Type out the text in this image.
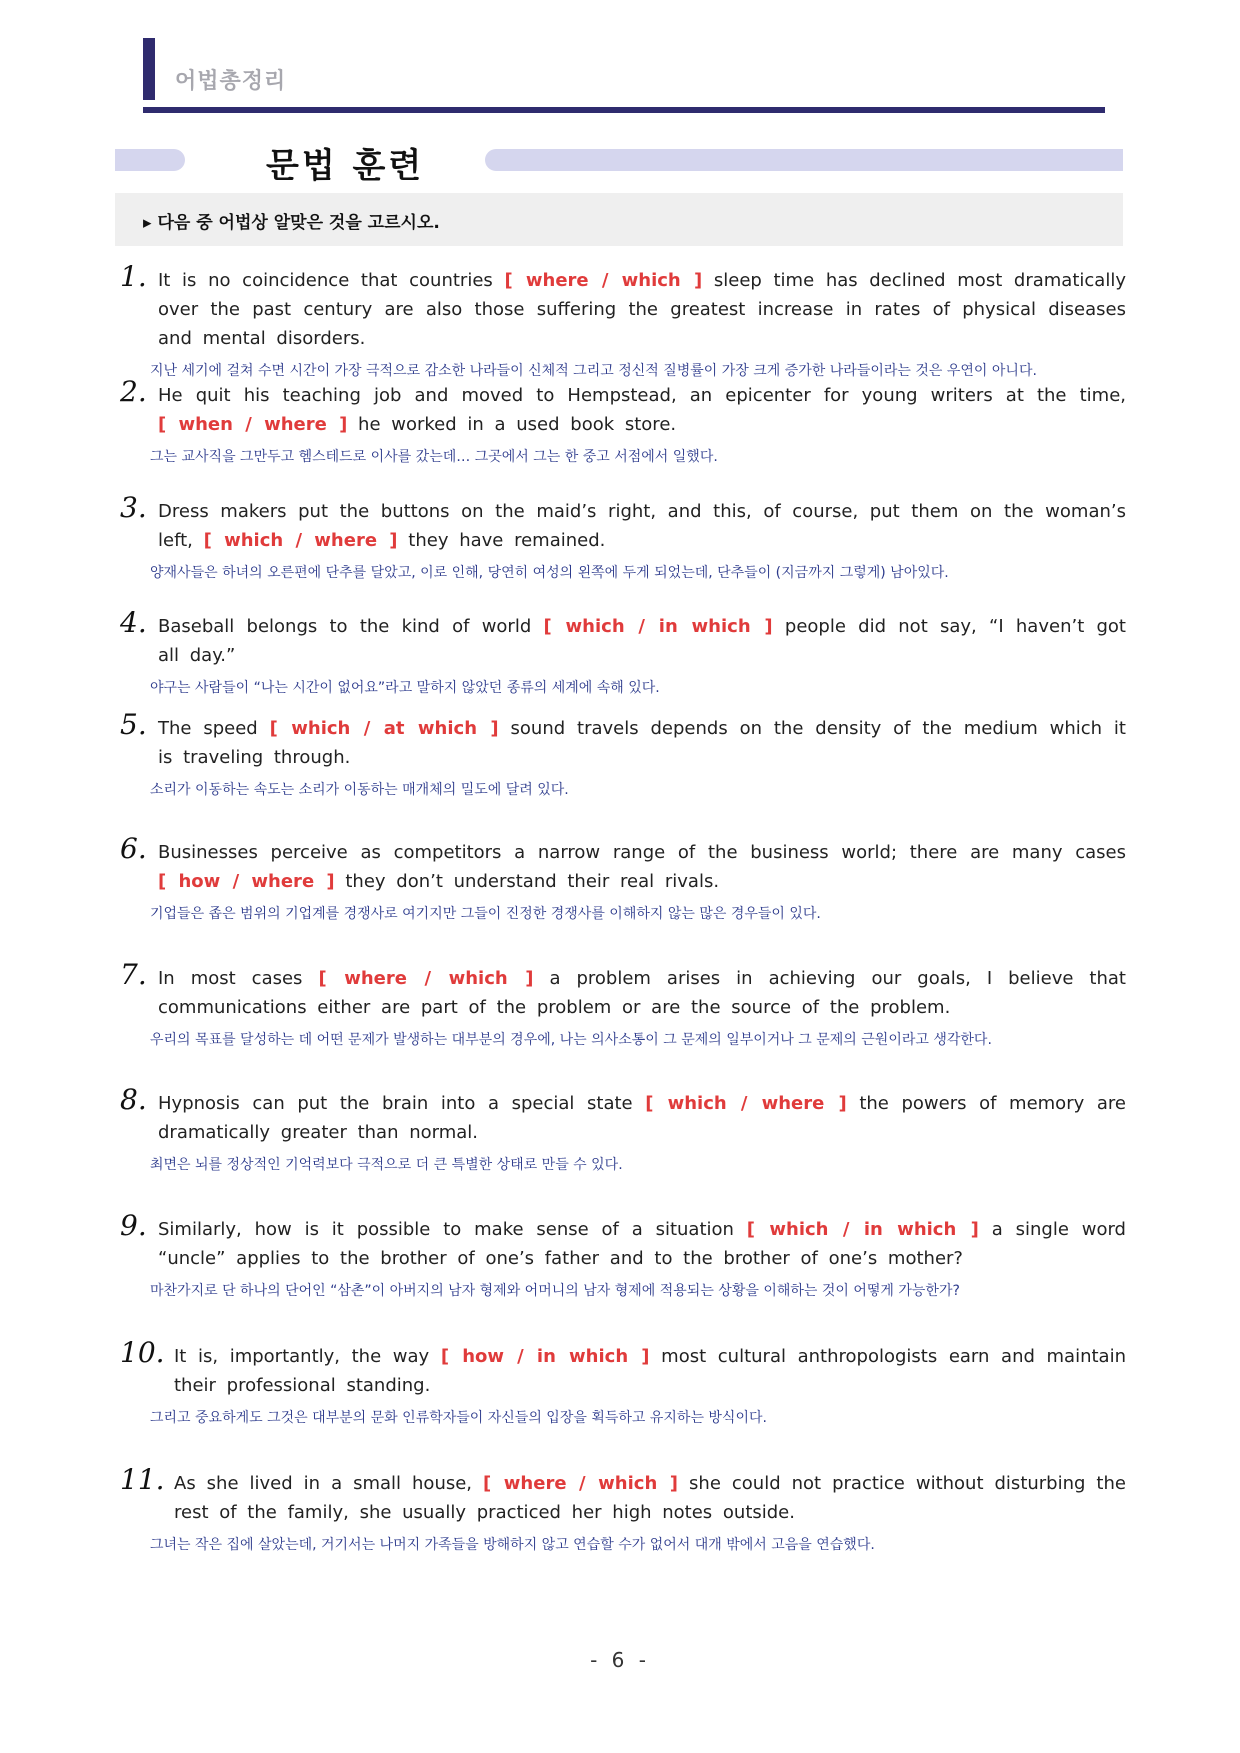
어법총정리
문법 훈련
▸ 다음 중 어법상 알맞은 것을 고르시오.
1. It is no coincidence that countries [ where / which ] sleep time has declined most dramatically over the past century are also those suffering the greatest increase in rates of physical diseases and mental disorders.
지난 세기에 걸쳐 수면 시간이 가장 극적으로 감소한 나라들이 신체적 그리고 정신적 질병률이 가장 크게 증가한 나라들이라는 것은 우연이 아니다.
2. He quit his teaching job and moved to Hempstead, an epicenter for young writers at the time, [ when / where ] he worked in a used book store.
그는 교사직을 그만두고 헴스테드로 이사를 갔는데… 그곳에서 그는 한 중고 서점에서 일했다.
3. Dress makers put the buttons on the maid’s right, and this, of course, put them on the woman’s left, [ which / where ] they have remained.
양재사들은 하녀의 오른편에 단추를 달았고, 이로 인해, 당연히 여성의 왼쪽에 두게 되었는데, 단추들이 (지금까지 그렇게) 남아있다.
4. Baseball belongs to the kind of world [ which / in which ] people did not say, “I haven’t got all day.”
야구는 사람들이 “나는 시간이 없어요”라고 말하지 않았던 종류의 세계에 속해 있다.
5. The speed [ which / at which ] sound travels depends on the density of the medium which it is traveling through.
소리가 이동하는 속도는 소리가 이동하는 매개체의 밀도에 달려 있다.
6. Businesses perceive as competitors a narrow range of the business world; there are many cases [ how / where ] they don’t understand their real rivals.
기업들은 좁은 범위의 기업계를 경쟁사로 여기지만 그들이 진정한 경쟁사를 이해하지 않는 많은 경우들이 있다.
7. In most cases [ where / which ] a problem arises in achieving our goals, I believe that communications either are part of the problem or are the source of the problem.
우리의 목표를 달성하는 데 어떤 문제가 발생하는 대부분의 경우에, 나는 의사소통이 그 문제의 일부이거나 그 문제의 근원이라고 생각한다.
8. Hypnosis can put the brain into a special state [ which / where ] the powers of memory are dramatically greater than normal.
최면은 뇌를 정상적인 기억력보다 극적으로 더 큰 특별한 상태로 만들 수 있다.
9. Similarly, how is it possible to make sense of a situation [ which / in which ] a single word “uncle” applies to the brother of one’s father and to the brother of one’s mother?
마찬가지로 단 하나의 단어인 “삼촌”이 아버지의 남자 형제와 어머니의 남자 형제에 적용되는 상황을 이해하는 것이 어떻게 가능한가?
10. It is, importantly, the way [ how / in which ] most cultural anthropologists earn and maintain their professional standing.
그리고 중요하게도 그것은 대부분의 문화 인류학자들이 자신들의 입장을 획득하고 유지하는 방식이다.
11. As she lived in a small house, [ where / which ] she could not practice without disturbing the rest of the family, she usually practiced her high notes outside.
그녀는 작은 집에 살았는데, 거기서는 나머지 가족들을 방해하지 않고 연습할 수가 없어서 대개 밖에서 고음을 연습했다.
- 6 -
